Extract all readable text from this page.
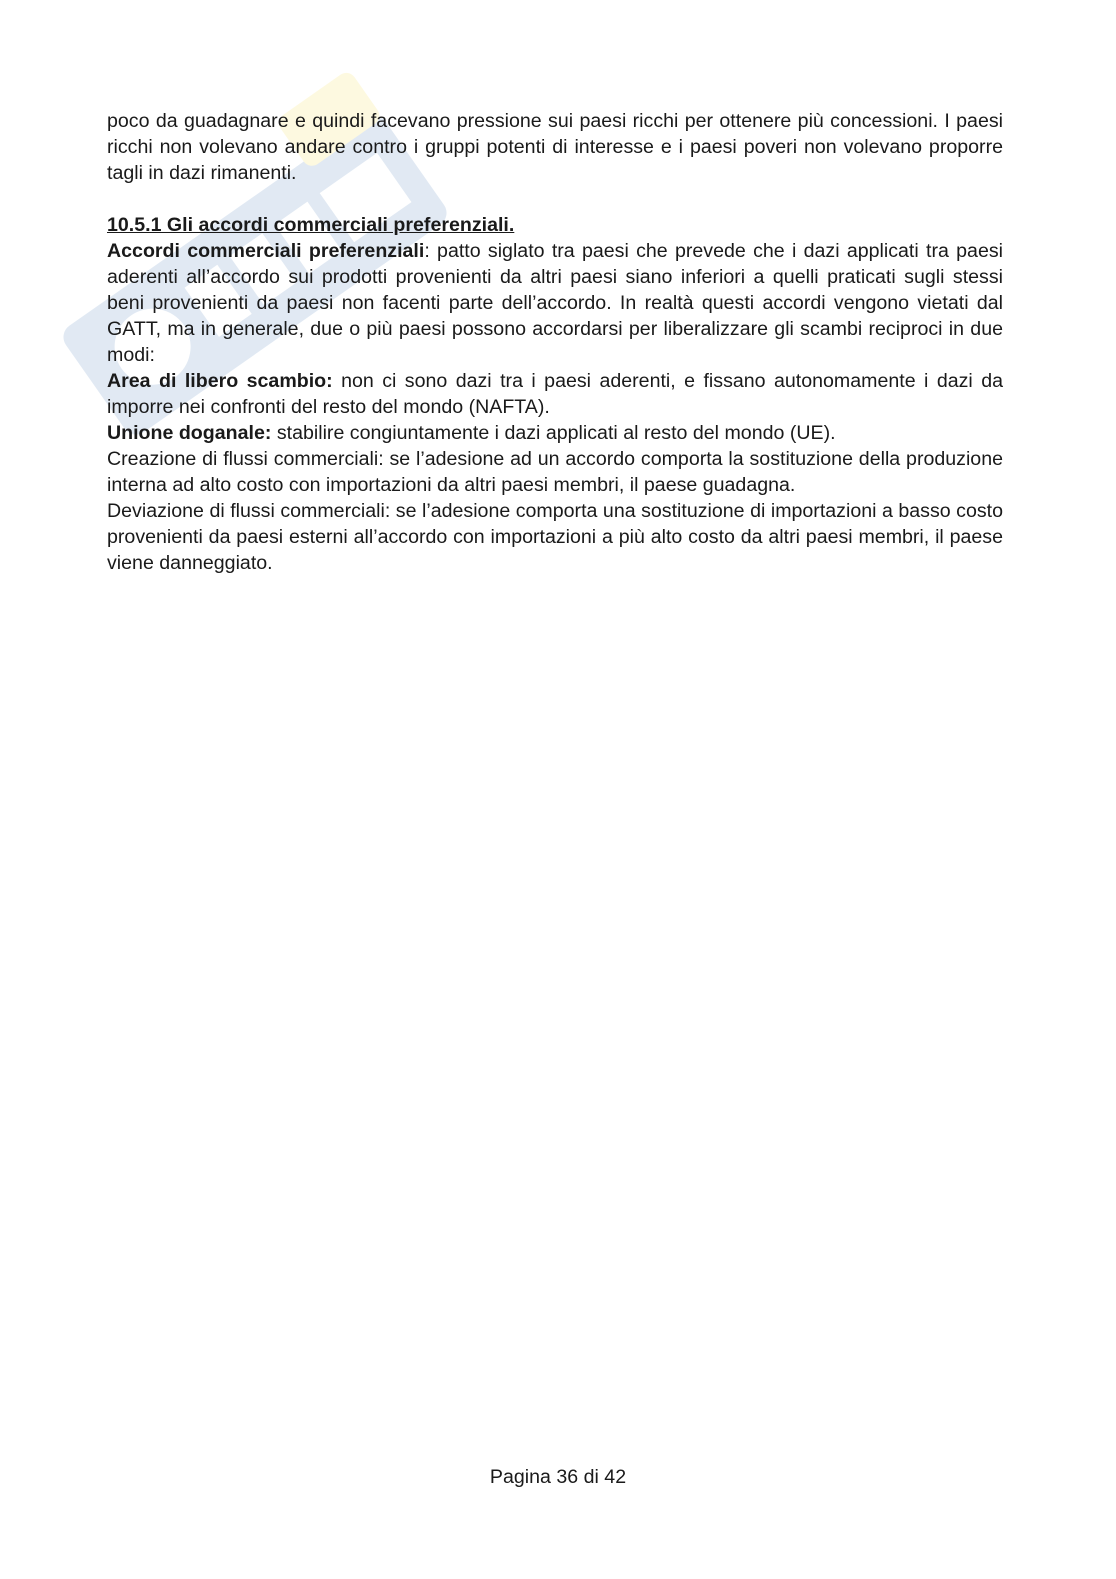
poco da guadagnare e quindi facevano pressione sui paesi ricchi per ottenere più concessioni. I paesi ricchi non volevano andare contro i gruppi potenti di interesse e i paesi poveri non volevano proporre tagli in dazi rimanenti.

10.5.1 Gli accordi commerciali preferenziali.

Accordi commerciali preferenziali: patto siglato tra paesi che prevede che i dazi applicati tra paesi aderenti all’accordo sui prodotti provenienti da altri paesi siano inferiori a quelli praticati sugli stessi beni provenienti da paesi non facenti parte dell’accordo. In realtà questi accordi vengono vietati dal GATT, ma in generale, due o più paesi possono accordarsi per liberalizzare gli scambi reciproci in due modi:

Area di libero scambio: non ci sono dazi tra i paesi aderenti, e fissano autonomamente i dazi da imporre nei confronti del resto del mondo (NAFTA).

Unione doganale: stabilire congiuntamente i dazi applicati al resto del mondo (UE).

Creazione di flussi commerciali: se l’adesione ad un accordo comporta la sostituzione della produzione interna ad alto costo con importazioni da altri paesi membri, il paese guadagna.

Deviazione di flussi commerciali: se l’adesione comporta una sostituzione di importazioni a basso costo provenienti da paesi esterni all’accordo con importazioni a più alto costo da altri paesi membri, il paese viene danneggiato.

Pagina 36 di 42
